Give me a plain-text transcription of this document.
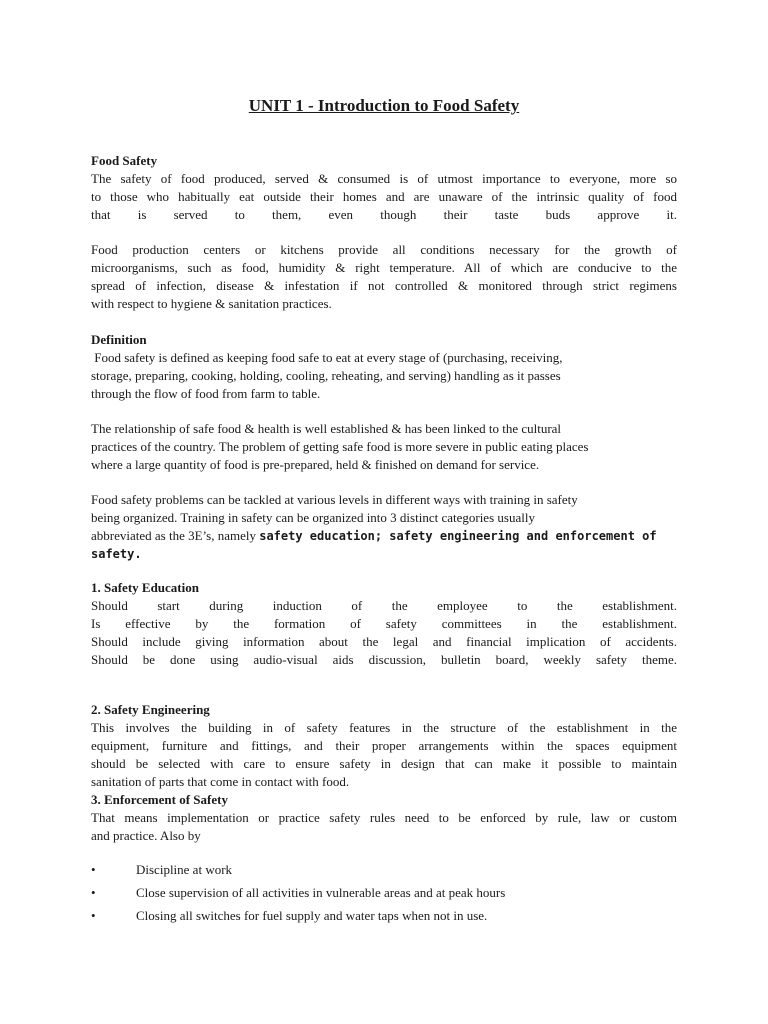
UNIT 1 - Introduction to Food Safety

Food Safety

The safety of food produced, served & consumed is of utmost importance to everyone, more so

to those who habitually eat outside their homes and are unaware of the intrinsic quality of food

that is served to them, even though their taste buds approve it.

Food production centers or kitchens provide all conditions necessary for the growth of

microorganisms, such as food, humidity & right temperature. All of which are conducive to the

spread of infection, disease & infestation if not controlled & monitored through strict regimens

with respect to hygiene & sanitation practices.

Definition

Food safety is defined as keeping food safe to eat at every stage of (purchasing, receiving,

storage, preparing, cooking, holding, cooling, reheating, and serving) handling as it passes

through the flow of food from farm to table.

The relationship of safe food & health is well established & has been linked to the cultural

practices of the country. The problem of getting safe food is more severe in public eating places

where a large quantity of food is pre-prepared, held & finished on demand for service.

Food safety problems can be tackled at various levels in different ways with training in safety

being organized. Training in safety can be organized into 3 distinct categories usually

abbreviated as the 3E’s, namely safety education; safety engineering and enforcement of

safety.

1. Safety Education

Should start during induction of the employee to the establishment.

Is effective by the formation of safety committees in the establishment.

Should include giving information about the legal and financial implication of accidents.

Should be done using audio-visual aids discussion, bulletin board, weekly safety theme.

2. Safety Engineering

This involves the building in of safety features in the structure of the establishment in the

equipment, furniture and fittings, and their proper arrangements within the spaces equipment

should be selected with care to ensure safety in design that can make it possible to maintain

sanitation of parts that come in contact with food.

3. Enforcement of Safety

That means implementation or practice safety rules need to be enforced by rule, law or custom

and practice. Also by

•	Discipline at work
•	Close supervision of all activities in vulnerable areas and at peak hours
•	Closing all switches for fuel supply and water taps when not in use.
